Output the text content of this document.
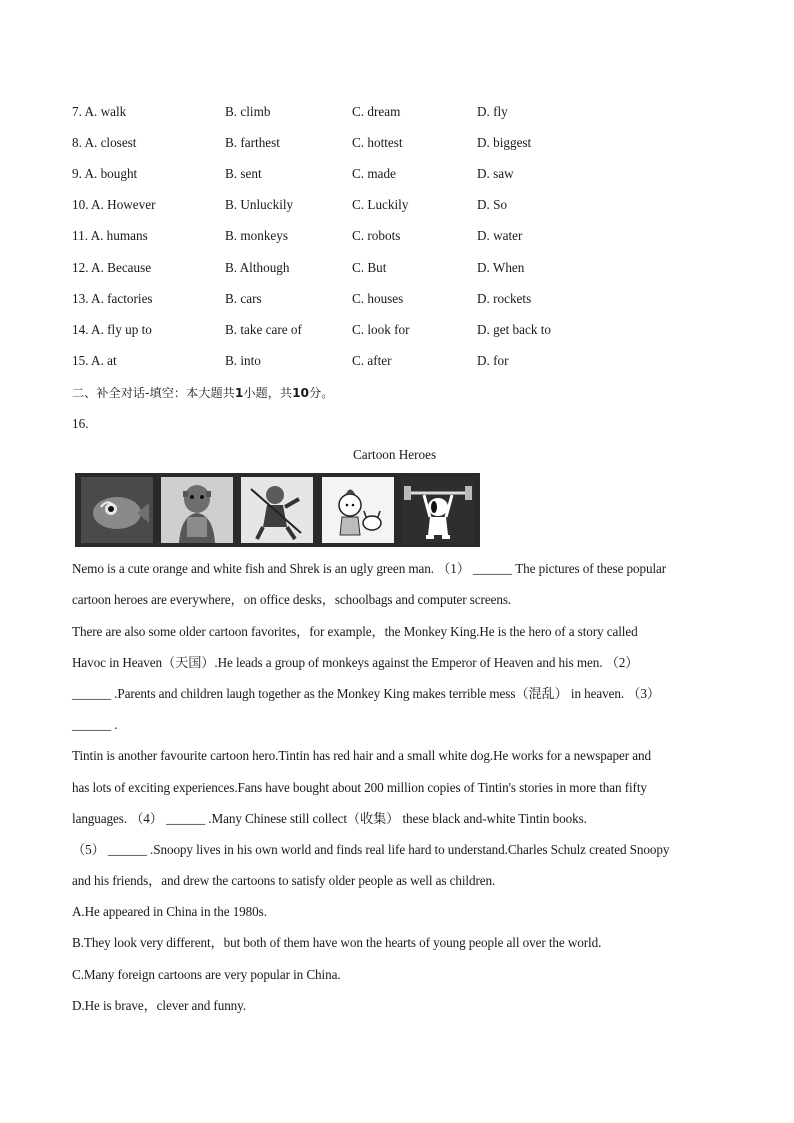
7. A. walk	B. climb	C. dream	D. fly
8. A. closest	B. farthest	C. hottest	D. biggest
9. A. bought	B. sent	C. made	D. saw
10. A. However	B. Unluckily	C. Luckily	D. So
11. A. humans	B. monkeys	C. robots	D. water
12. A. Because	B. Although	C. But	D. When
13. A. factories	B. cars	C. houses	D. rockets
14. A. fly up to	B. take care of	C. look for	D. get back to
15. A. at	B. into	C. after	D. for
二、补全对话-填空：本大题共1小题，共10分。
16.
Cartoon Heroes
Nemo is a cute orange and white fish and Shrek is an ugly green man. （1） ______ The pictures of these popular
cartoon heroes are everywhere，on office desks，schoolbags and computer screens.
There are also some older cartoon favorites，for example，the Monkey King.He is the hero of a story called
Havoc in Heaven（天国）.He leads a group of monkeys against the Emperor of Heaven and his men. （2）
______ .Parents and children laugh together as the Monkey King makes terrible mess（混乱） in heaven. （3）
______ .
Tintin is another favourite cartoon hero.Tintin has red hair and a small white dog.He works for a newspaper and
has lots of exciting experiences.Fans have bought about 200 million copies of Tintin's stories in more than fifty
languages. （4） ______ .Many Chinese still collect（收集） these black and-white Tintin books.
（5） ______ .Snoopy lives in his own world and finds real life hard to understand.Charles Schulz created Snoopy
and his friends，and drew the cartoons to satisfy older people as well as children.
A.He appeared in China in the 1980s.
B.They look very different，but both of them have won the hearts of young people all over the world.
C.Many foreign cartoons are very popular in China.
D.He is brave，clever and funny.
